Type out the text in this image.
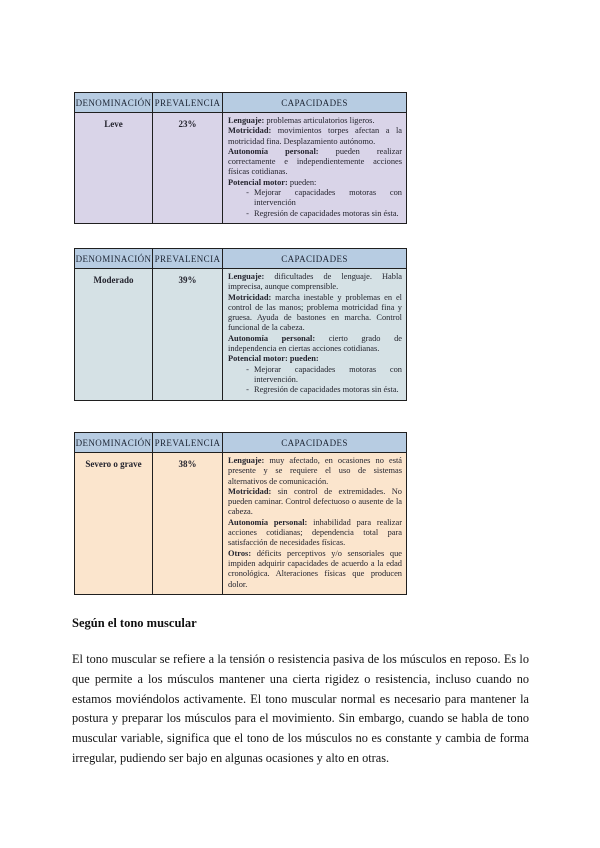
DENOMINACIÓN	PREVALENCIA	CAPACIDADES
Leve	23%	Lenguaje: problemas articulatorios ligeros.
Motricidad: movimientos torpes afectan a la motricidad fina. Desplazamiento autónomo.
Autonomía personal: pueden realizar correctamente e independientemente acciones físicas cotidianas.
Potencial motor: pueden:
- Mejorar capacidades motoras con intervención
- Regresión de capacidades motoras sin ésta.
DENOMINACIÓN	PREVALENCIA	CAPACIDADES
Moderado	39%	Lenguaje: dificultades de lenguaje. Habla imprecisa, aunque comprensible.
Motricidad: marcha inestable y problemas en el control de las manos; problema motricidad fina y gruesa. Ayuda de bastones en marcha. Control funcional de la cabeza.
Autonomía personal: cierto grado de independencia en ciertas acciones cotidianas.
Potencial motor: pueden:
- Mejorar capacidades motoras con intervención.
- Regresión de capacidades motoras sin ésta.
DENOMINACIÓN	PREVALENCIA	CAPACIDADES
Severo o grave	38%	Lenguaje: muy afectado, en ocasiones no está presente y se requiere el uso de sistemas alternativos de comunicación.
Motricidad: sin control de extremidades. No pueden caminar. Control defectuoso o ausente de la cabeza.
Autonomía personal: inhabilidad para realizar acciones cotidianas; dependencia total para satisfacción de necesidades físicas.
Otros: déficits perceptivos y/o sensoriales que impiden adquirir capacidades de acuerdo a la edad cronológica. Alteraciones físicas que producen dolor.
Según el tono muscular
El tono muscular se refiere a la tensión o resistencia pasiva de los músculos en reposo. Es lo que permite a los músculos mantener una cierta rigidez o resistencia, incluso cuando no estamos moviéndolos activamente. El tono muscular normal es necesario para mantener la postura y preparar los músculos para el movimiento. Sin embargo, cuando se habla de tono muscular variable, significa que el tono de los músculos no es constante y cambia de forma irregular, pudiendo ser bajo en algunas ocasiones y alto en otras.
